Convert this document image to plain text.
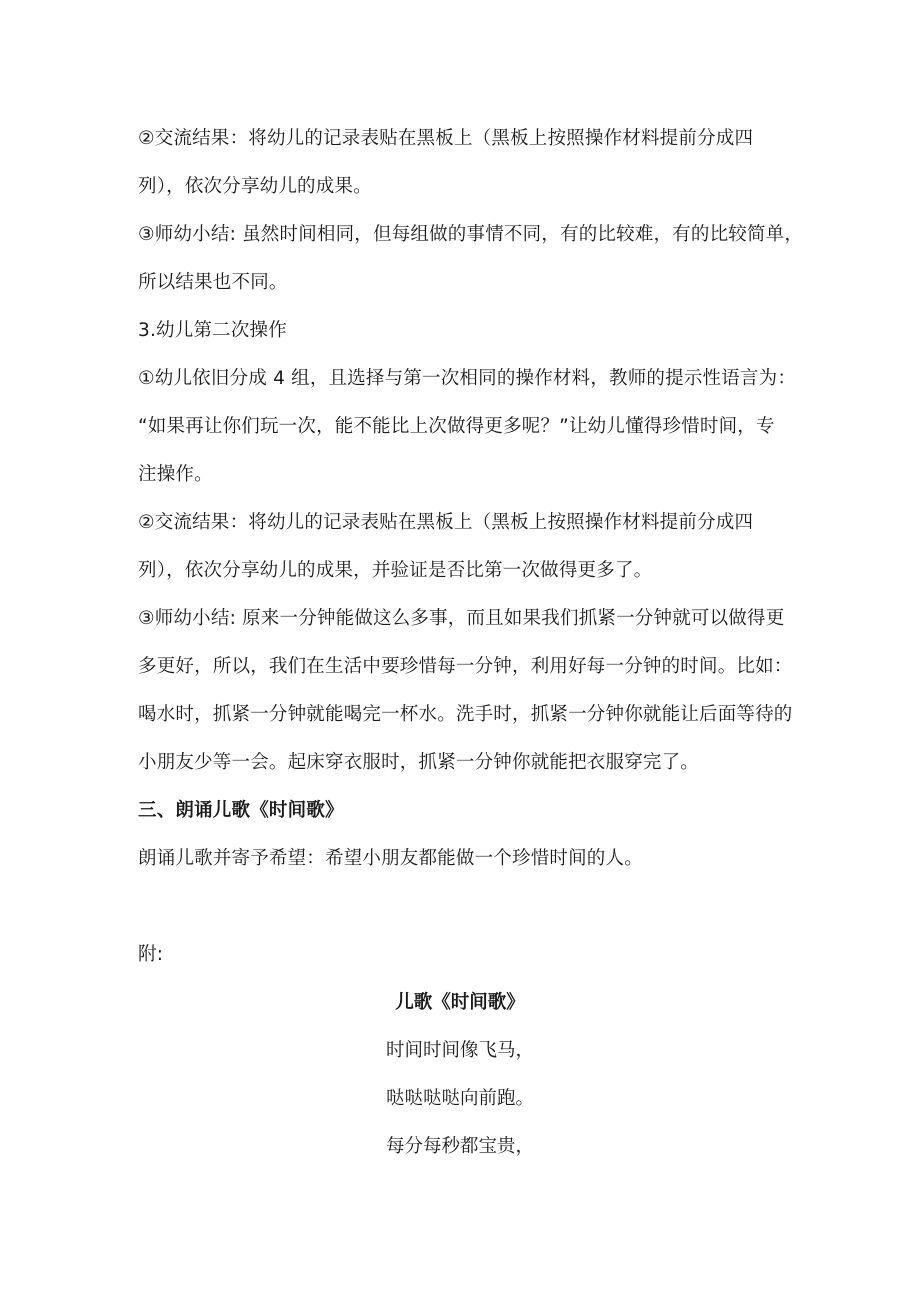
②交流结果：将幼儿的记录表贴在黑板上（黑板上按照操作材料提前分成四
列），依次分享幼儿的成果。
③师幼小结: 虽然时间相同，但每组做的事情不同，有的比较难，有的比较简单，
所以结果也不同。
3.幼儿第二次操作
①幼儿依旧分成 4 组，且选择与第一次相同的操作材料，教师的提示性语言为：
“如果再让你们玩一次，能不能比上次做得更多呢？”让幼儿懂得珍惜时间，专
注操作。
②交流结果：将幼儿的记录表贴在黑板上（黑板上按照操作材料提前分成四
列），依次分享幼儿的成果，并验证是否比第一次做得更多了。
③师幼小结: 原来一分钟能做这么多事，而且如果我们抓紧一分钟就可以做得更
多更好，所以，我们在生活中要珍惜每一分钟，利用好每一分钟的时间。比如：
喝水时，抓紧一分钟就能喝完一杯水。洗手时，抓紧一分钟你就能让后面等待的
小朋友少等一会。起床穿衣服时，抓紧一分钟你就能把衣服穿完了。
三、朗诵儿歌《时间歌》
朗诵儿歌并寄予希望：希望小朋友都能做一个珍惜时间的人。
附:
儿歌《时间歌》
时间时间像飞马，
哒哒哒哒向前跑。
每分每秒都宝贵，
